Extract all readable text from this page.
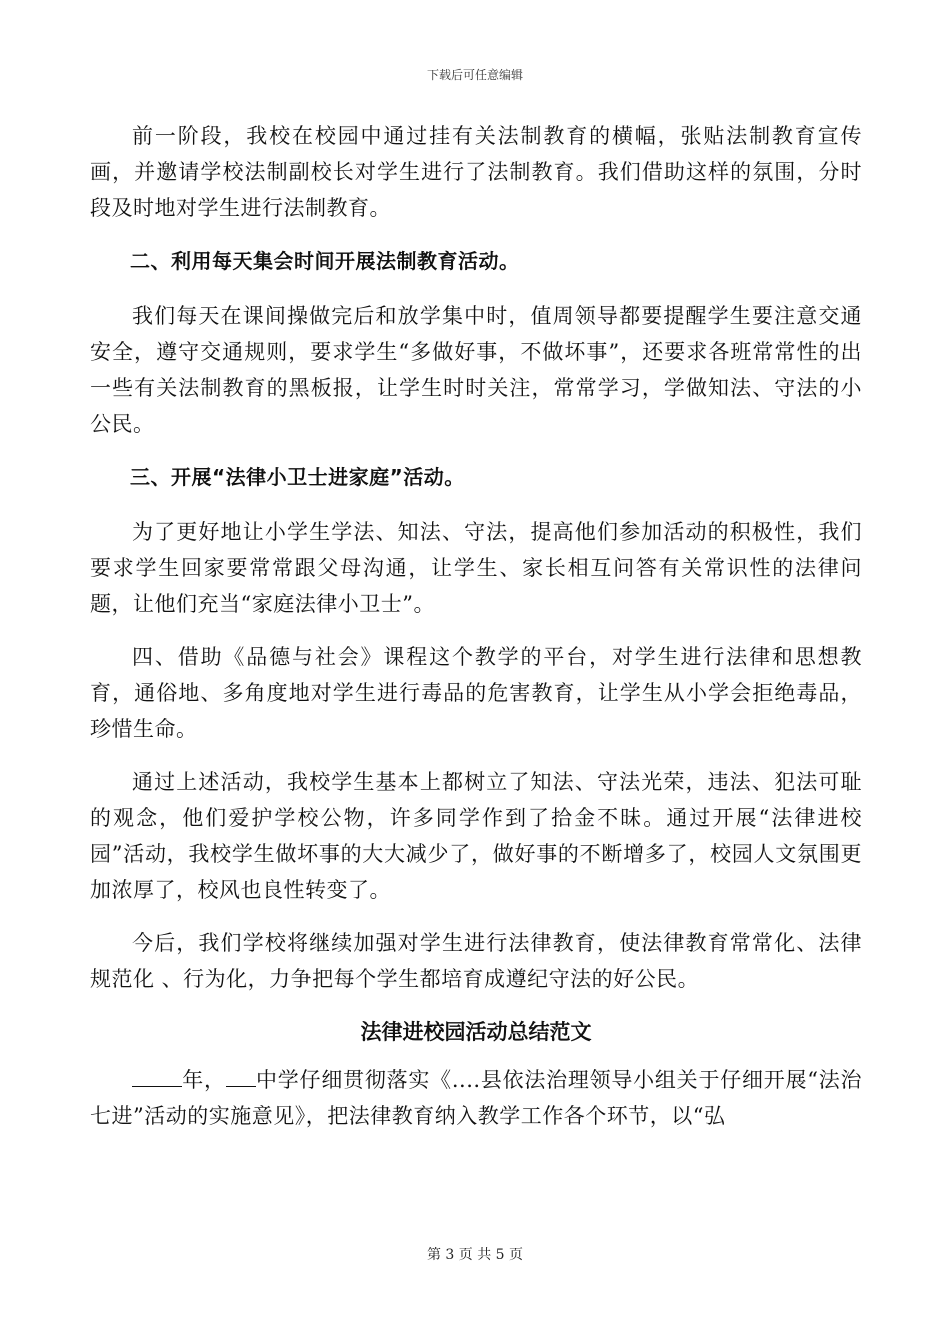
下载后可任意编辑

前一阶段，我校在校园中通过挂有关法制教育的横幅，张贴法制教育宣传画，并邀请学校法制副校长对学生进行了法制教育。我们借助这样的氛围，分时段及时地对学生进行法制教育。

二、利用每天集会时间开展法制教育活动。

我们每天在课间操做完后和放学集中时，值周领导都要提醒学生要注意交通安全，遵守交通规则，要求学生“多做好事，不做坏事”，还要求各班常常性的出一些有关法制教育的黑板报，让学生时时关注，常常学习，学做知法、守法的小公民。

三、开展“法律小卫士进家庭”活动。

为了更好地让小学生学法、知法、守法，提高他们参加活动的积极性，我们要求学生回家要常常跟父母沟通，让学生、家长相互问答有关常识性的法律问题，让他们充当“家庭法律小卫士”。

四、借助《品德与社会》课程这个教学的平台，对学生进行法律和思想教育，通俗地、多角度地对学生进行毒品的危害教育，让学生从小学会拒绝毒品，珍惜生命。

通过上述活动，我校学生基本上都树立了知法、守法光荣，违法、犯法可耻的观念，他们爱护学校公物，许多同学作到了拾金不昧。通过开展“法律进校园”活动，我校学生做坏事的大大减少了，做好事的不断增多了，校园人文氛围更加浓厚了，校风也良性转变了。

今后，我们学校将继续加强对学生进行法律教育，使法律教育常常化、法律规范化 、行为化，力争把每个学生都培育成遵纪守法的好公民。

法律进校园活动总结范文

年， 中学仔细贯彻落实《....县依法治理领导小组关于仔细开展“法治七进”活动的实施意见》，把法律教育纳入教学工作各个环节，以“弘

第 3 页 共 5 页
